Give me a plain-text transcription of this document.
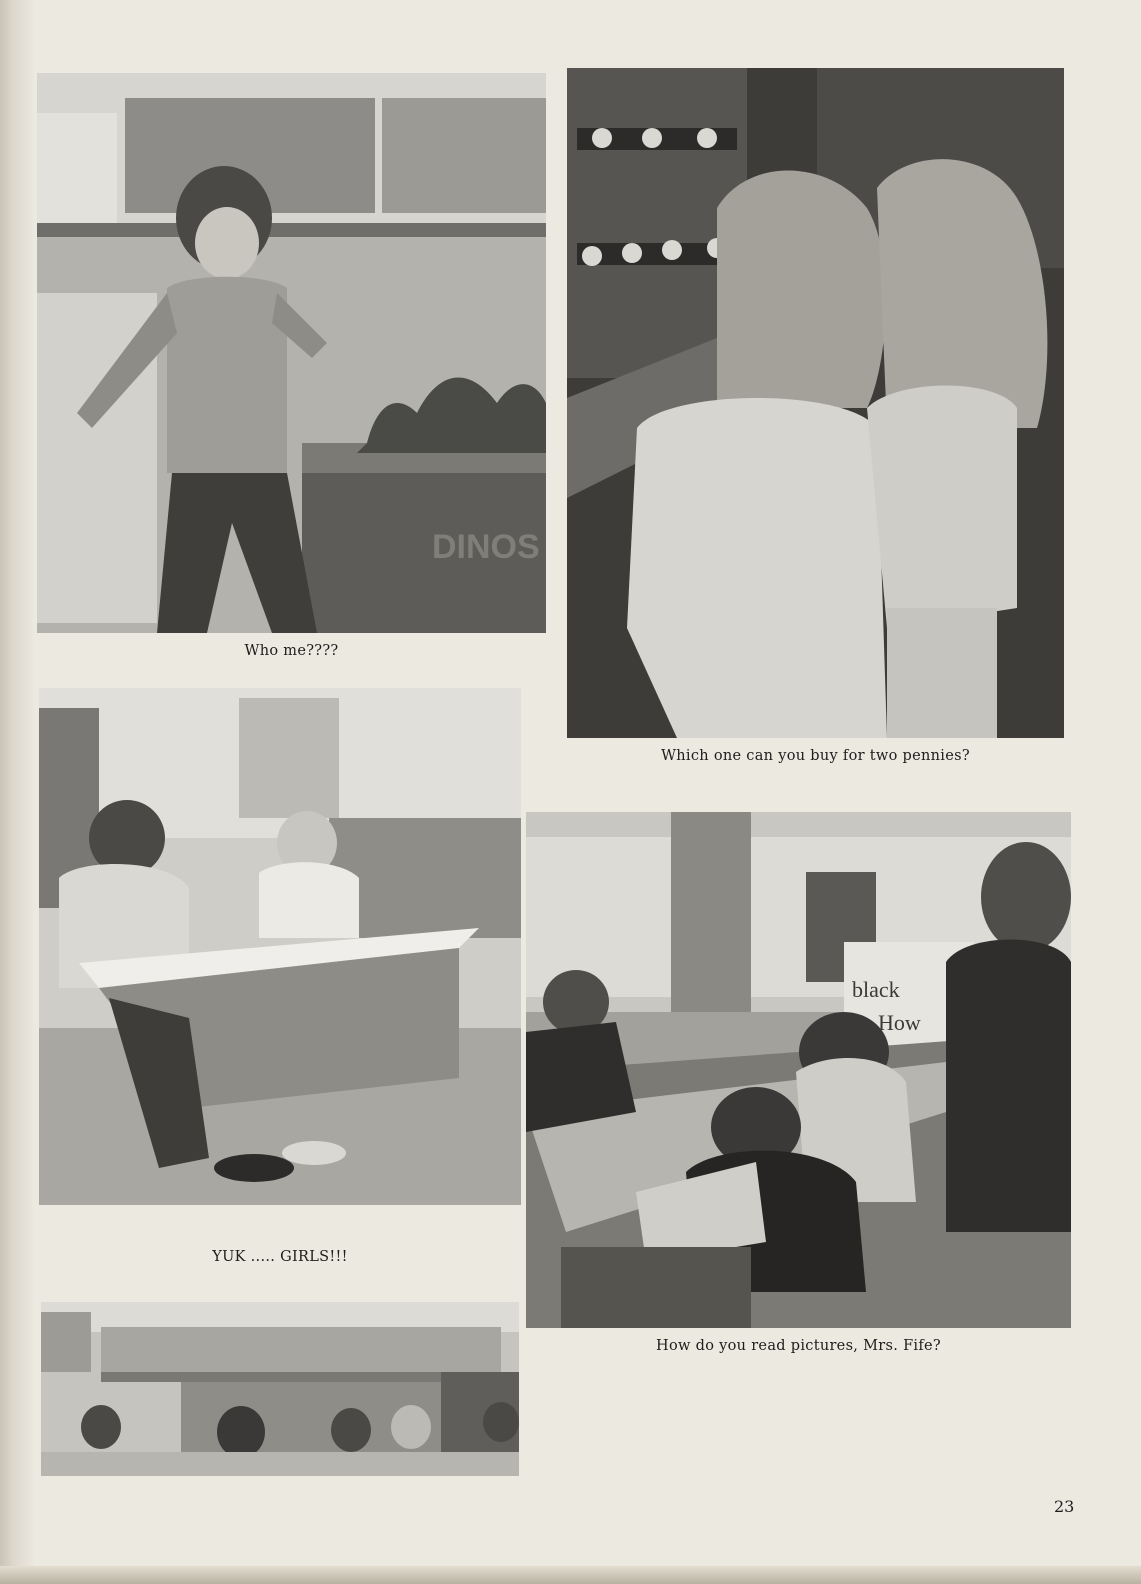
DINOS
Who me????
Which one can you buy for two pennies?
YUK ..... GIRLS!!!
black
How
How do you read pictures, Mrs. Fife?
23
